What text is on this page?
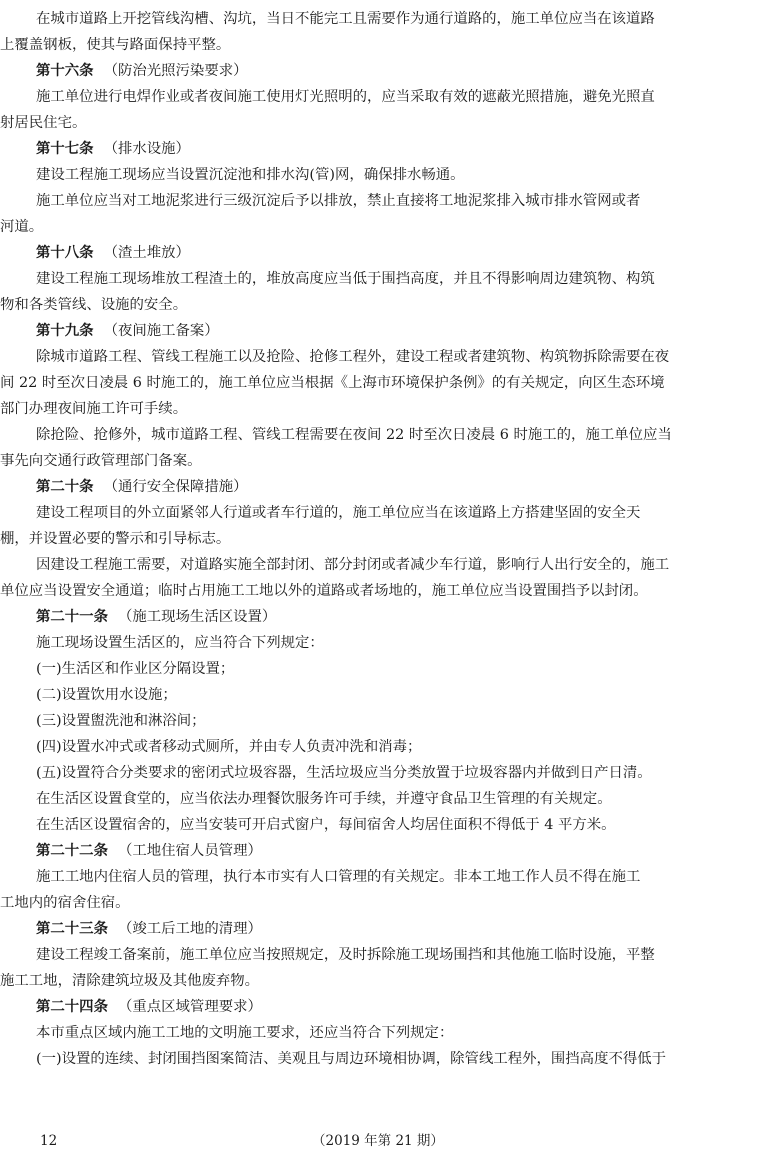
在城市道路上开挖管线沟槽、沟坑，当日不能完工且需要作为通行道路的，施工单位应当在该道路
上覆盖钢板，使其与路面保持平整。
第十六条 （防治光照污染要求）
施工单位进行电焊作业或者夜间施工使用灯光照明的，应当采取有效的遮蔽光照措施，避免光照直
射居民住宅。
第十七条 （排水设施）
建设工程施工现场应当设置沉淀池和排水沟(管)网，确保排水畅通。
施工单位应当对工地泥浆进行三级沉淀后予以排放，禁止直接将工地泥浆排入城市排水管网或者
河道。
第十八条 （渣土堆放）
建设工程施工现场堆放工程渣土的，堆放高度应当低于围挡高度，并且不得影响周边建筑物、构筑
物和各类管线、设施的安全。
第十九条 （夜间施工备案）
除城市道路工程、管线工程施工以及抢险、抢修工程外，建设工程或者建筑物、构筑物拆除需要在夜
间 22 时至次日凌晨 6 时施工的，施工单位应当根据《上海市环境保护条例》的有关规定，向区生态环境
部门办理夜间施工许可手续。
除抢险、抢修外，城市道路工程、管线工程需要在夜间 22 时至次日凌晨 6 时施工的，施工单位应当
事先向交通行政管理部门备案。
第二十条 （通行安全保障措施）
建设工程项目的外立面紧邻人行道或者车行道的，施工单位应当在该道路上方搭建坚固的安全天
棚，并设置必要的警示和引导标志。
因建设工程施工需要，对道路实施全部封闭、部分封闭或者减少车行道，影响行人出行安全的，施工
单位应当设置安全通道；临时占用施工工地以外的道路或者场地的，施工单位应当设置围挡予以封闭。
第二十一条 （施工现场生活区设置）
施工现场设置生活区的，应当符合下列规定：
(一)生活区和作业区分隔设置；
(二)设置饮用水设施；
(三)设置盥洗池和淋浴间；
(四)设置水冲式或者移动式厕所，并由专人负责冲洗和消毒；
(五)设置符合分类要求的密闭式垃圾容器，生活垃圾应当分类放置于垃圾容器内并做到日产日清。
在生活区设置食堂的，应当依法办理餐饮服务许可手续，并遵守食品卫生管理的有关规定。
在生活区设置宿舍的，应当安装可开启式窗户，每间宿舍人均居住面积不得低于 4 平方米。
第二十二条 （工地住宿人员管理）
施工工地内住宿人员的管理，执行本市实有人口管理的有关规定。非本工地工作人员不得在施工
工地内的宿舍住宿。
第二十三条 （竣工后工地的清理）
建设工程竣工备案前，施工单位应当按照规定，及时拆除施工现场围挡和其他施工临时设施，平整
施工工地，清除建筑垃圾及其他废弃物。
第二十四条 （重点区域管理要求）
本市重点区域内施工工地的文明施工要求，还应当符合下列规定：
(一)设置的连续、封闭围挡图案简洁、美观且与周边环境相协调，除管线工程外，围挡高度不得低于
12	（2019 年第 21 期）
